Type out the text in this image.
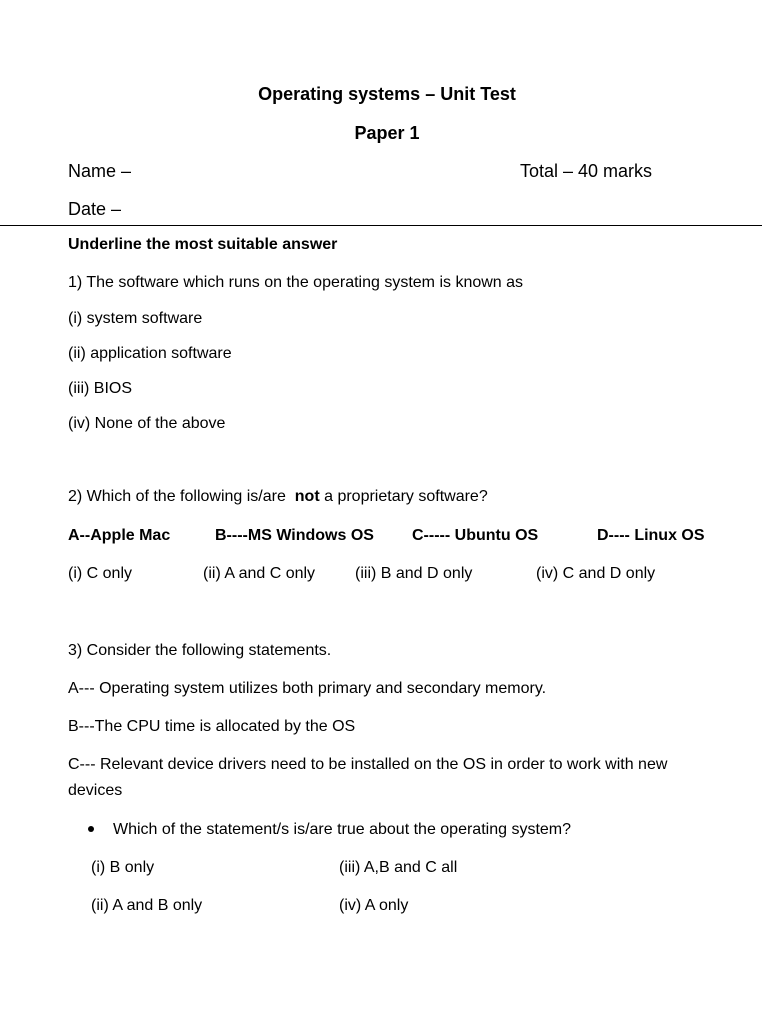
Operating systems – Unit Test
Paper 1
Name –	Total – 40 marks
Date –
Underline the most suitable answer
1) The software which runs on the operating system is known as
(i) system software
(ii) application software
(iii) BIOS
(iv) None of the above
2) Which of the following is/are not a proprietary software?
A--Apple Mac	B----MS Windows OS C----- Ubuntu OS	D---- Linux OS
(i) C only	(ii) A and C only (iii) B and D only	(iv) C and D only
3) Consider the following statements.
A--- Operating system utilizes both primary and secondary memory.
B---The CPU time is allocated by the OS
C--- Relevant device drivers need to be installed on the OS in order to work with new devices
Which of the statement/s is/are true about the operating system?
(i) B only	(iii) A,B and C all
(ii) A and B only	(iv) A only
